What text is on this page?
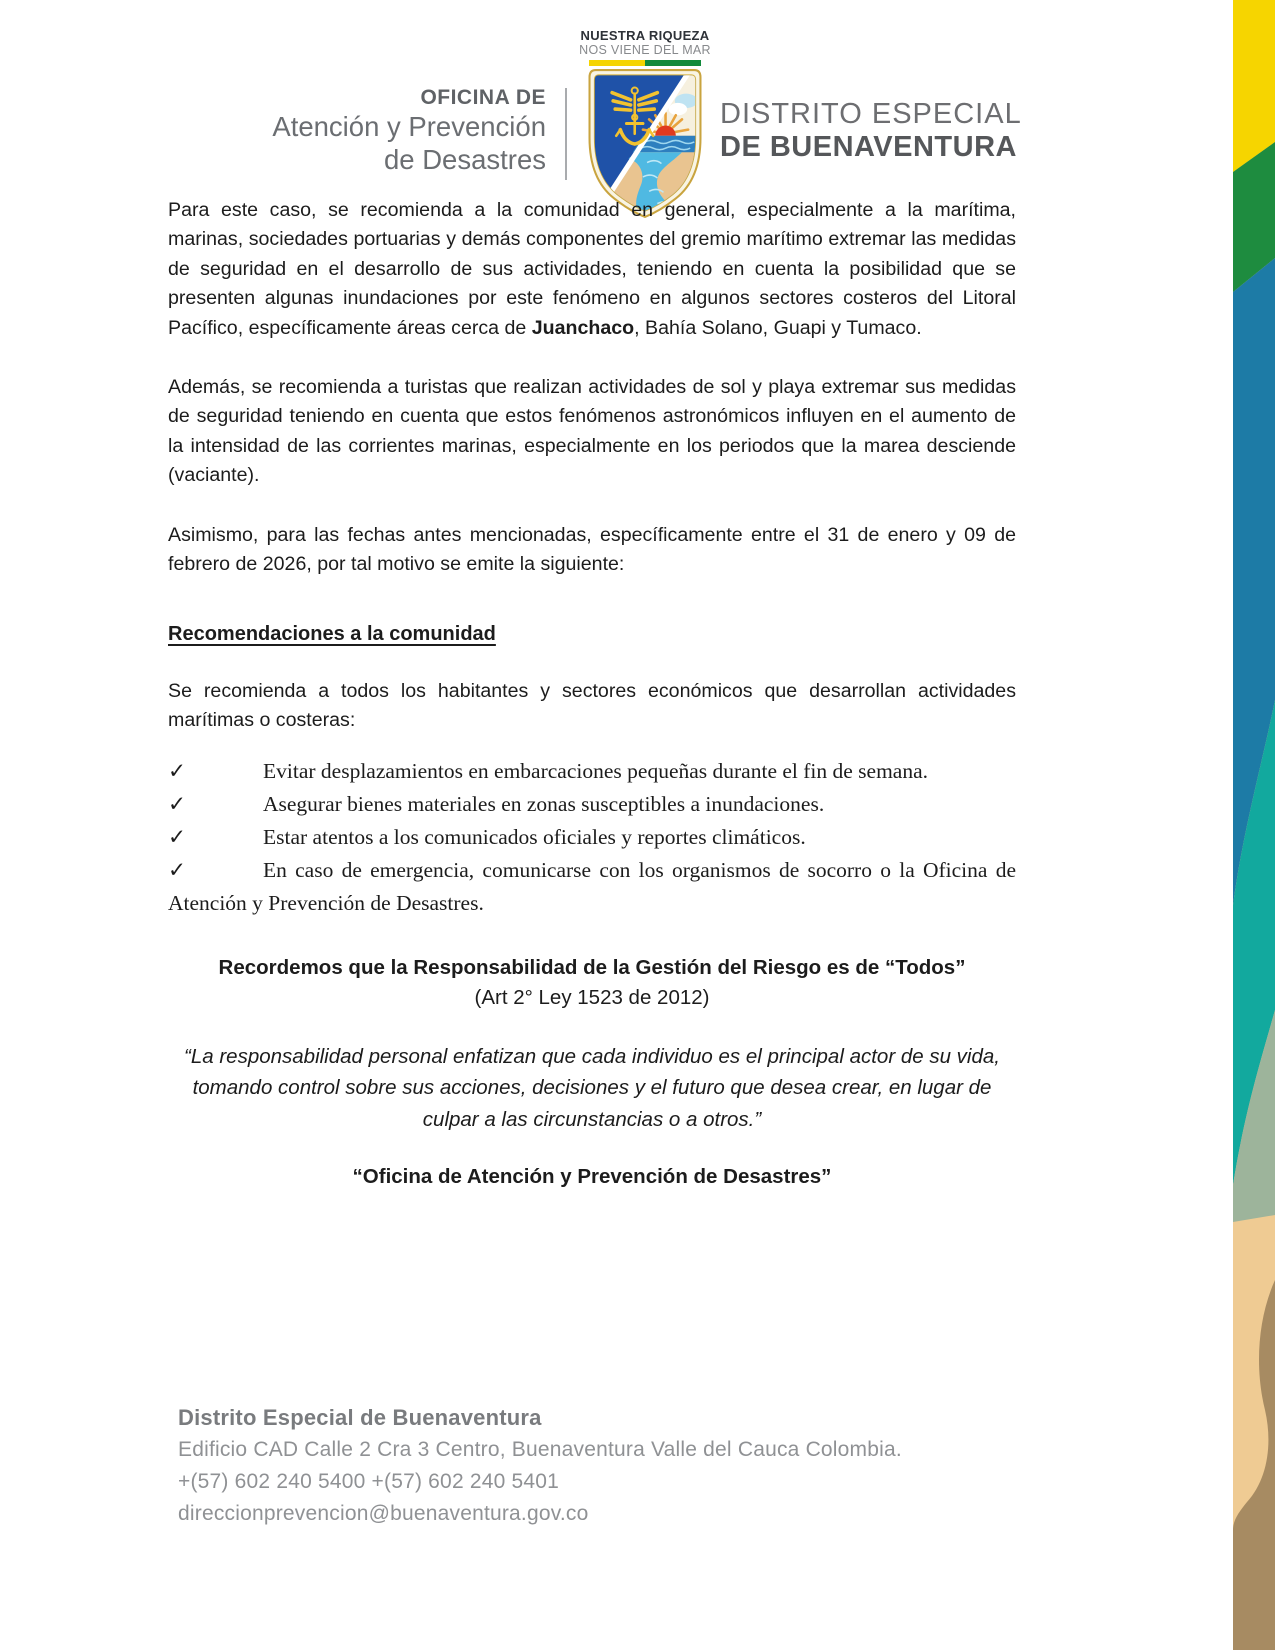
OFICINA DE
Atención y Prevención
de Desastres
NUESTRA RIQUEZA
NOS VIENE DEL MAR
DISTRITO ESPECIAL
DE BUENAVENTURA

Para este caso, se recomienda a la comunidad en general, especialmente a la marítima, marinas, sociedades portuarias y demás componentes del gremio marítimo extremar las medidas de seguridad en el desarrollo de sus actividades, teniendo en cuenta la posibilidad que se presenten algunas inundaciones por este fenómeno en algunos sectores costeros del Litoral Pacífico, específicamente áreas cerca de Juanchaco, Bahía Solano, Guapi y Tumaco.

Además, se recomienda a turistas que realizan actividades de sol y playa extremar sus medidas de seguridad teniendo en cuenta que estos fenómenos astronómicos influyen en el aumento de la intensidad de las corrientes marinas, especialmente en los periodos que la marea desciende (vaciante).

Asimismo, para las fechas antes mencionadas, específicamente entre el 31 de enero y 09 de febrero de 2026, por tal motivo se emite la siguiente:

Recomendaciones a la comunidad

Se recomienda a todos los habitantes y sectores económicos que desarrollan actividades marítimas o costeras:

✓	Evitar desplazamientos en embarcaciones pequeñas durante el fin de semana.

✓	Asegurar bienes materiales en zonas susceptibles a inundaciones.

✓	Estar atentos a los comunicados oficiales y reportes climáticos.

✓	En caso de emergencia, comunicarse con los organismos de socorro o la Oficina de Atención y Prevención de Desastres.

Recordemos que la Responsabilidad de la Gestión del Riesgo es de “Todos”

(Art 2° Ley 1523 de 2012)

“La responsabilidad personal enfatizan que cada individuo es el principal actor de su vida, tomando control sobre sus acciones, decisiones y el futuro que desea crear, en lugar de culpar a las circunstancias o a otros.”

“Oficina de Atención y Prevención de Desastres”

Distrito Especial de Buenaventura
Edificio CAD Calle 2 Cra 3 Centro, Buenaventura Valle del Cauca Colombia.
+(57) 602 240 5400 +(57) 602 240 5401
direccionprevencion@buenaventura.gov.co
